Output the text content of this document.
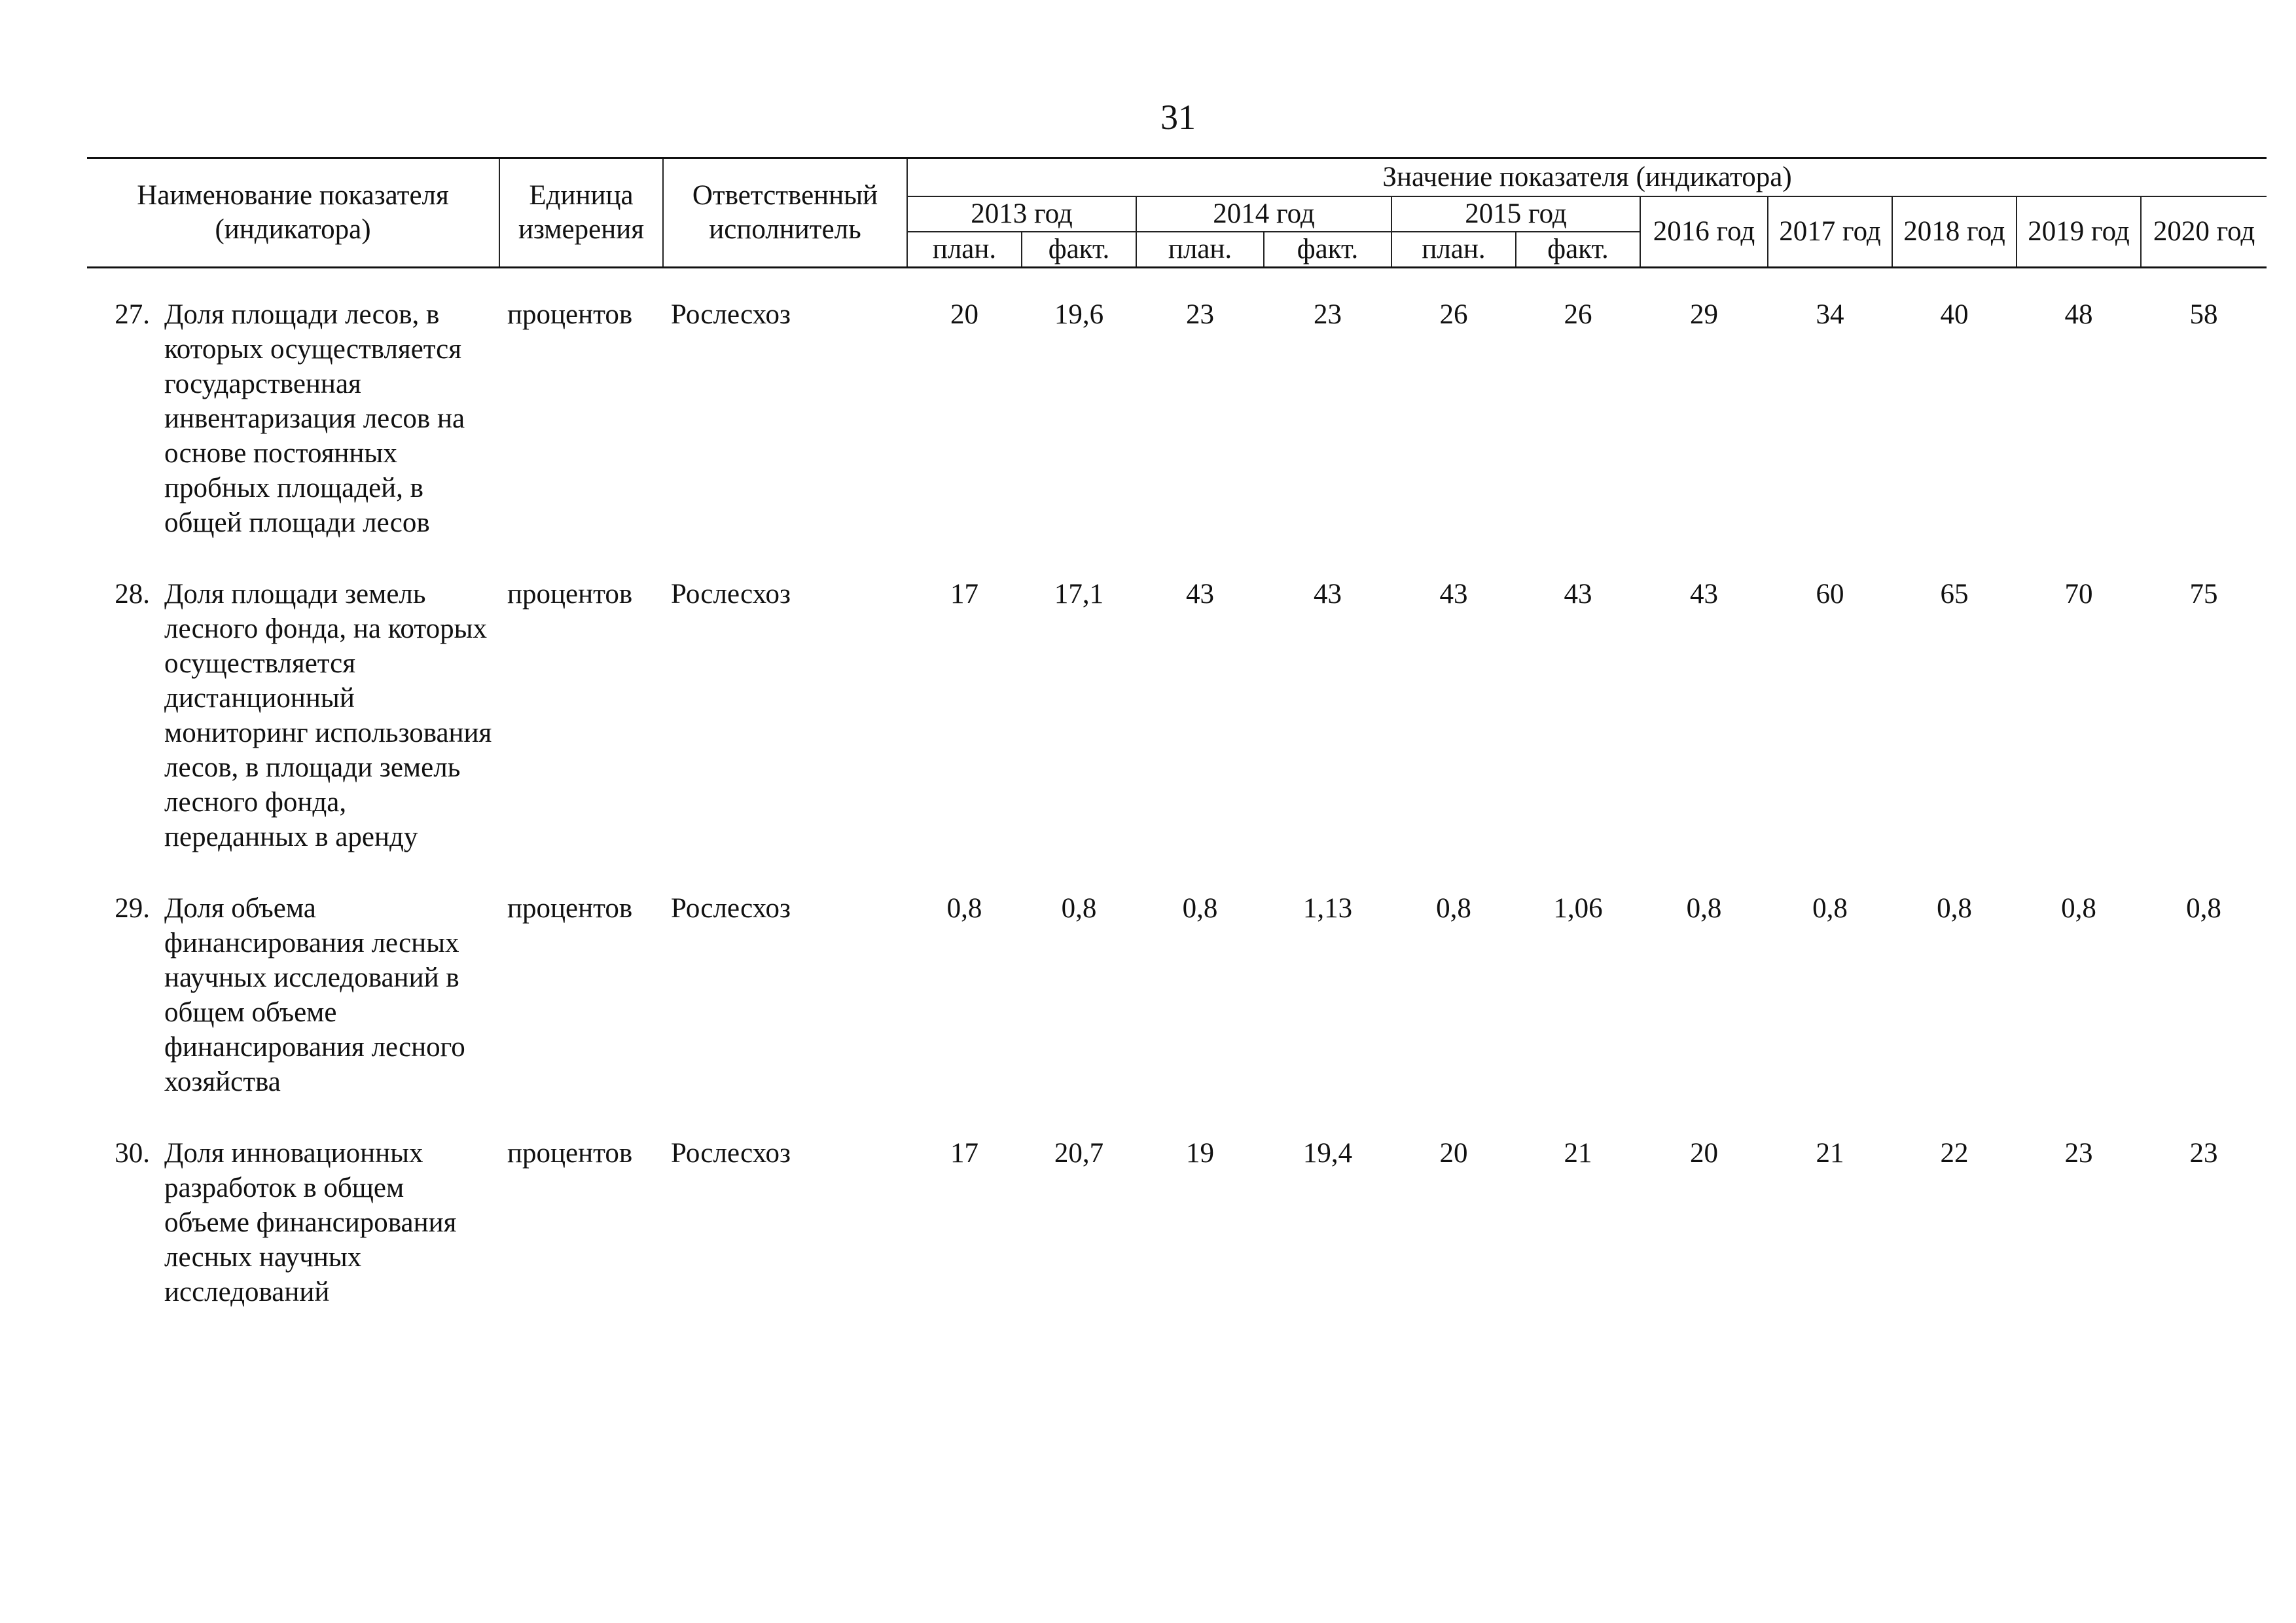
31
Наименование показателя (индикатора)	Единица измерения	Ответственный исполнитель	Значение показателя (индикатора)										
			2013 год		2014 год		2015 год		2016 год	2017 год	2018 год	2019 год	2020 год
			план.	факт.	план.	факт.	план.	факт.					

27. Доля площади лесов, в которых осуществляется государственная инвентаризация лесов на основе постоянных пробных площадей, в общей площади лесов	процентов	Рослесхоз	20	19,6	23	23	26	26	29	34	40	48	58

28. Доля площади земель лесного фонда, на которых осуществляется дистанционный мониторинг использования лесов, в площади земель лесного фонда, переданных в аренду	процентов	Рослесхоз	17	17,1	43	43	43	43	43	60	65	70	75

29. Доля объема финансирования лесных научных исследований в общем объеме финансирования лесного хозяйства	процентов	Рослесхоз	0,8	0,8	0,8	1,13	0,8	1,06	0,8	0,8	0,8	0,8	0,8

30. Доля инновационных разработок в общем объеме финансирования лесных научных исследований	процентов	Рослесхоз	17	20,7	19	19,4	20	21	20	21	22	23	23
